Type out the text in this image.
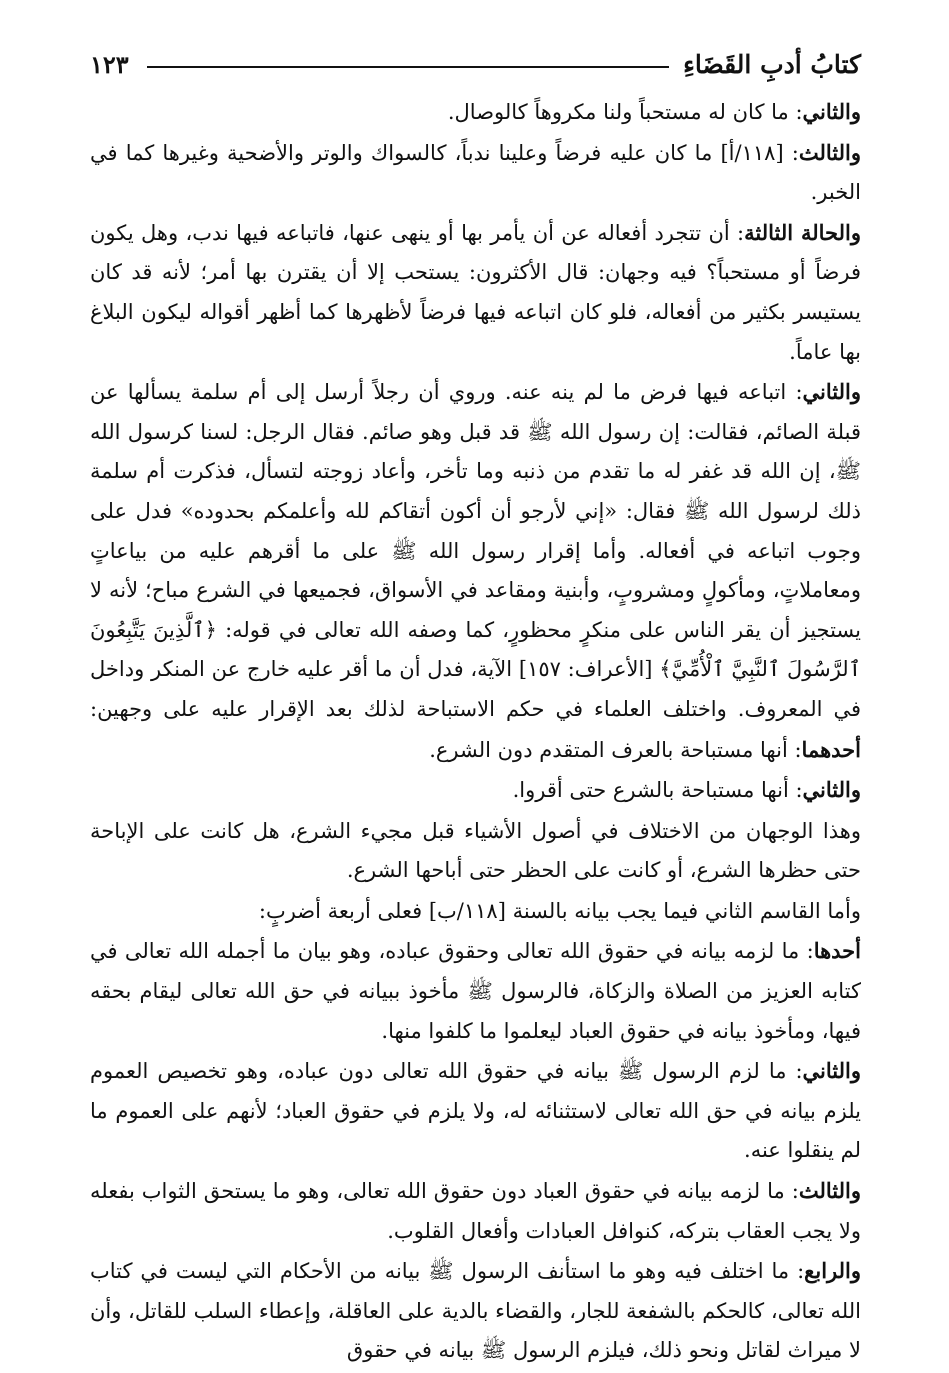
كتابُ أدبِ القَضَاءِ
١٢٣

والثاني: ما كان له مستحباً ولنا مكروهاً كالوصال.

والثالث: [١١٨/أ] ما كان عليه فرضاً وعلينا ندباً، كالسواك والوتر والأضحية وغيرها كما في الخبر.

والحالة الثالثة: أن تتجرد أفعاله عن أن يأمر بها أو ينهى عنها، فاتباعه فيها ندب، وهل يكون فرضاً أو مستحباً؟ فيه وجهان: قال الأكثرون: يستحب إلا أن يقترن بها أمر؛ لأنه قد كان يستيسر بكثير من أفعاله، فلو كان اتباعه فيها فرضاً لأظهرها كما أظهر أقواله ليكون البلاغ بها عاماً.

والثاني: اتباعه فيها فرض ما لم ينه عنه. وروي أن رجلاً أرسل إلى أم سلمة يسألها عن قبلة الصائم، فقالت: إن رسول الله ﷺ قد قبل وهو صائم. فقال الرجل: لسنا كرسول الله ﷺ، إن الله قد غفر له ما تقدم من ذنبه وما تأخر، وأعاد زوجته لتسأل، فذكرت أم سلمة ذلك لرسول الله ﷺ فقال: «إني لأرجو أن أكون أتقاكم لله وأعلمكم بحدوده» فدل على وجوب اتباعه في أفعاله. وأما إقرار رسول الله ﷺ على ما أقرهم عليه من بياعاتٍ ومعاملاتٍ، ومأكولٍ ومشروبٍ، وأبنية ومقاعد في الأسواق، فجميعها في الشرع مباح؛ لأنه لا يستجيز أن يقر الناس على منكرٍ محظورٍ، كما وصفه الله تعالى في قوله: ﴿ٱلَّذِينَ يَتَّبِعُونَ ٱلرَّسُولَ ٱلنَّبِيَّ ٱلْأُمِّيَّ﴾ [الأعراف: ١٥٧] الآية، فدل أن ما أقر عليه خارج عن المنكر وداخل في المعروف. واختلف العلماء في حكم الاستباحة لذلك بعد الإقرار عليه على وجهين: أحدهما: أنها مستباحة بالعرف المتقدم دون الشرع.

والثاني: أنها مستباحة بالشرع حتى أقروا.

وهذا الوجهان من الاختلاف في أصول الأشياء قبل مجيء الشرع، هل كانت على الإباحة حتى حظرها الشرع، أو كانت على الحظر حتى أباحها الشرع.

وأما القاسم الثاني فيما يجب بيانه بالسنة [١١٨/ب] فعلى أربعة أضربٍ:

أحدها: ما لزمه بيانه في حقوق الله تعالى وحقوق عباده، وهو بيان ما أجمله الله تعالى في كتابه العزيز من الصلاة والزكاة، فالرسول ﷺ مأخوذ ببيانه في حق الله تعالى ليقام بحقه فيها، ومأخوذ بيانه في حقوق العباد ليعلموا ما كلفوا منها.

والثاني: ما لزم الرسول ﷺ بيانه في حقوق الله تعالى دون عباده، وهو تخصيص العموم يلزم بيانه في حق الله تعالى لاستثنائه له، ولا يلزم في حقوق العباد؛ لأنهم على العموم ما لم ينقلوا عنه.

والثالث: ما لزمه بيانه في حقوق العباد دون حقوق الله تعالى، وهو ما يستحق الثواب بفعله ولا يجب العقاب بتركه، كنوافل العبادات وأفعال القلوب.

والرابع: ما اختلف فيه وهو ما استأنف الرسول ﷺ بيانه من الأحكام التي ليست في كتاب الله تعالى، كالحكم بالشفعة للجار، والقضاء بالدية على العاقلة، وإعطاء السلب للقاتل، وأن لا ميراث لقاتل ونحو ذلك، فيلزم الرسول ﷺ بيانه في حقوق
